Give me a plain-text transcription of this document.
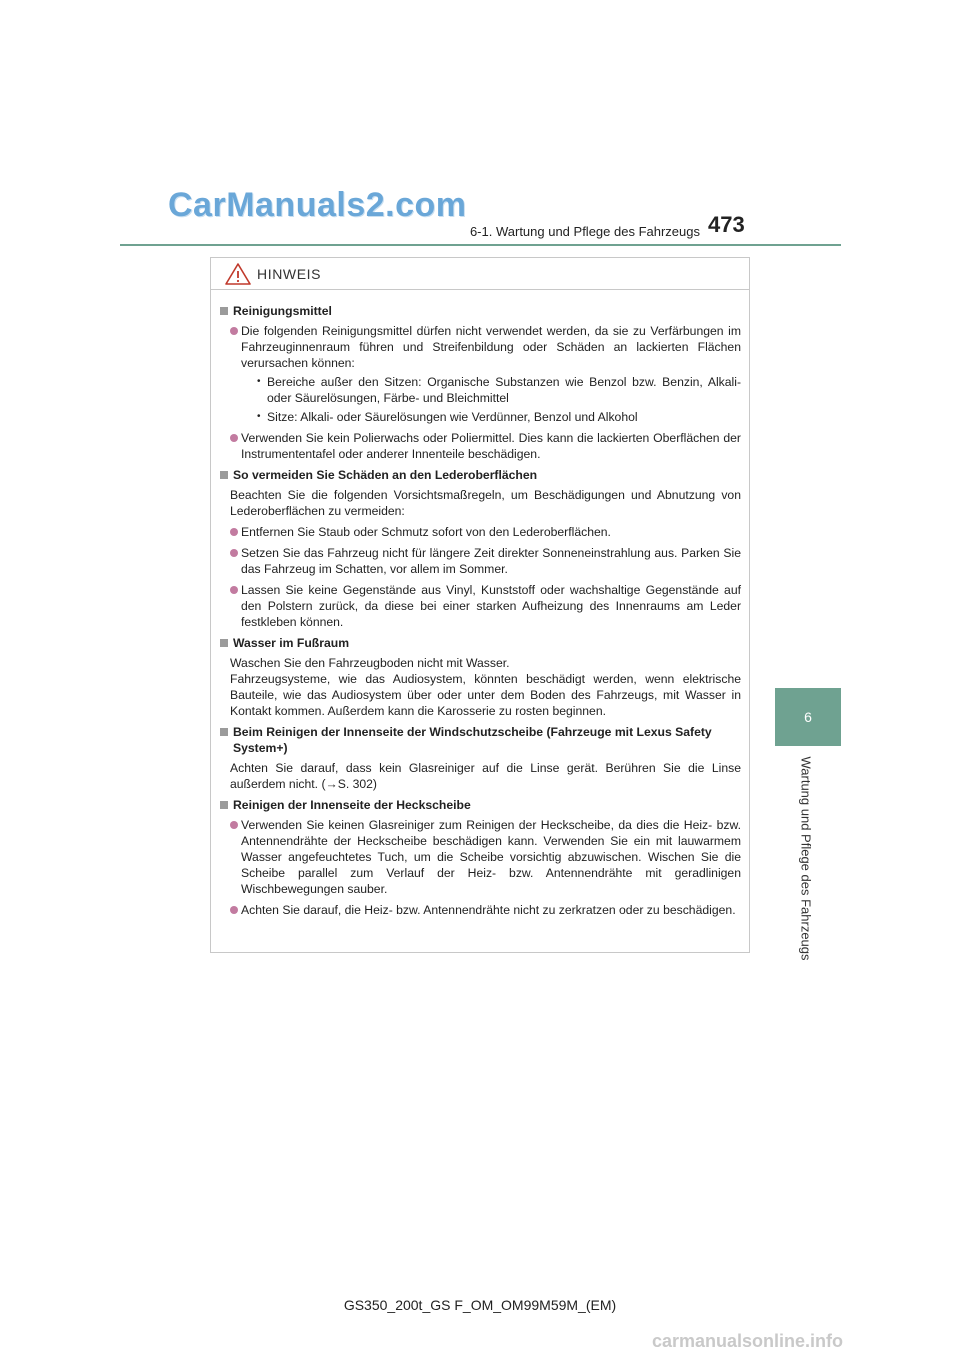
CarManuals2.com
6-1. Wartung und Pflege des Fahrzeugs 473
6
Wartung und Pflege des Fahrzeugs
HINWEIS
Reinigungsmittel
Die folgenden Reinigungsmittel dürfen nicht verwendet werden, da sie zu Verfärbungen im Fahrzeuginnenraum führen und Streifenbildung oder Schäden an lackierten Flächen verursachen können:
• Bereiche außer den Sitzen: Organische Substanzen wie Benzol bzw. Benzin, Alkali- oder Säurelösungen, Färbe- und Bleichmittel
• Sitze: Alkali- oder Säurelösungen wie Verdünner, Benzol und Alkohol
Verwenden Sie kein Polierwachs oder Poliermittel. Dies kann die lackierten Oberflächen der Instrumententafel oder anderer Innenteile beschädigen.
So vermeiden Sie Schäden an den Lederoberflächen
Beachten Sie die folgenden Vorsichtsmaßregeln, um Beschädigungen und Abnutzung von Lederoberflächen zu vermeiden:
Entfernen Sie Staub oder Schmutz sofort von den Lederoberflächen.
Setzen Sie das Fahrzeug nicht für längere Zeit direkter Sonneneinstrahlung aus. Parken Sie das Fahrzeug im Schatten, vor allem im Sommer.
Lassen Sie keine Gegenstände aus Vinyl, Kunststoff oder wachshaltige Gegenstände auf den Polstern zurück, da diese bei einer starken Aufheizung des Innenraums am Leder festkleben können.
Wasser im Fußraum
Waschen Sie den Fahrzeugboden nicht mit Wasser.
Fahrzeugsysteme, wie das Audiosystem, könnten beschädigt werden, wenn elektrische Bauteile, wie das Audiosystem über oder unter dem Boden des Fahrzeugs, mit Wasser in Kontakt kommen. Außerdem kann die Karosserie zu rosten beginnen.
Beim Reinigen der Innenseite der Windschutzscheibe (Fahrzeuge mit Lexus Safety System+)
Achten Sie darauf, dass kein Glasreiniger auf die Linse gerät. Berühren Sie die Linse außerdem nicht. (→S. 302)
Reinigen der Innenseite der Heckscheibe
Verwenden Sie keinen Glasreiniger zum Reinigen der Heckscheibe, da dies die Heiz- bzw. Antennendrähte der Heckscheibe beschädigen kann. Verwenden Sie ein mit lauwarmem Wasser angefeuchtetes Tuch, um die Scheibe vorsichtig abzuwischen. Wischen Sie die Scheibe parallel zum Verlauf der Heiz- bzw. Antennendrähte mit geradlinigen Wischbewegungen sauber.
Achten Sie darauf, die Heiz- bzw. Antennendrähte nicht zu zerkratzen oder zu beschädigen.
GS350_200t_GS F_OM_OM99M59M_(EM)
carmanualsonline.info
